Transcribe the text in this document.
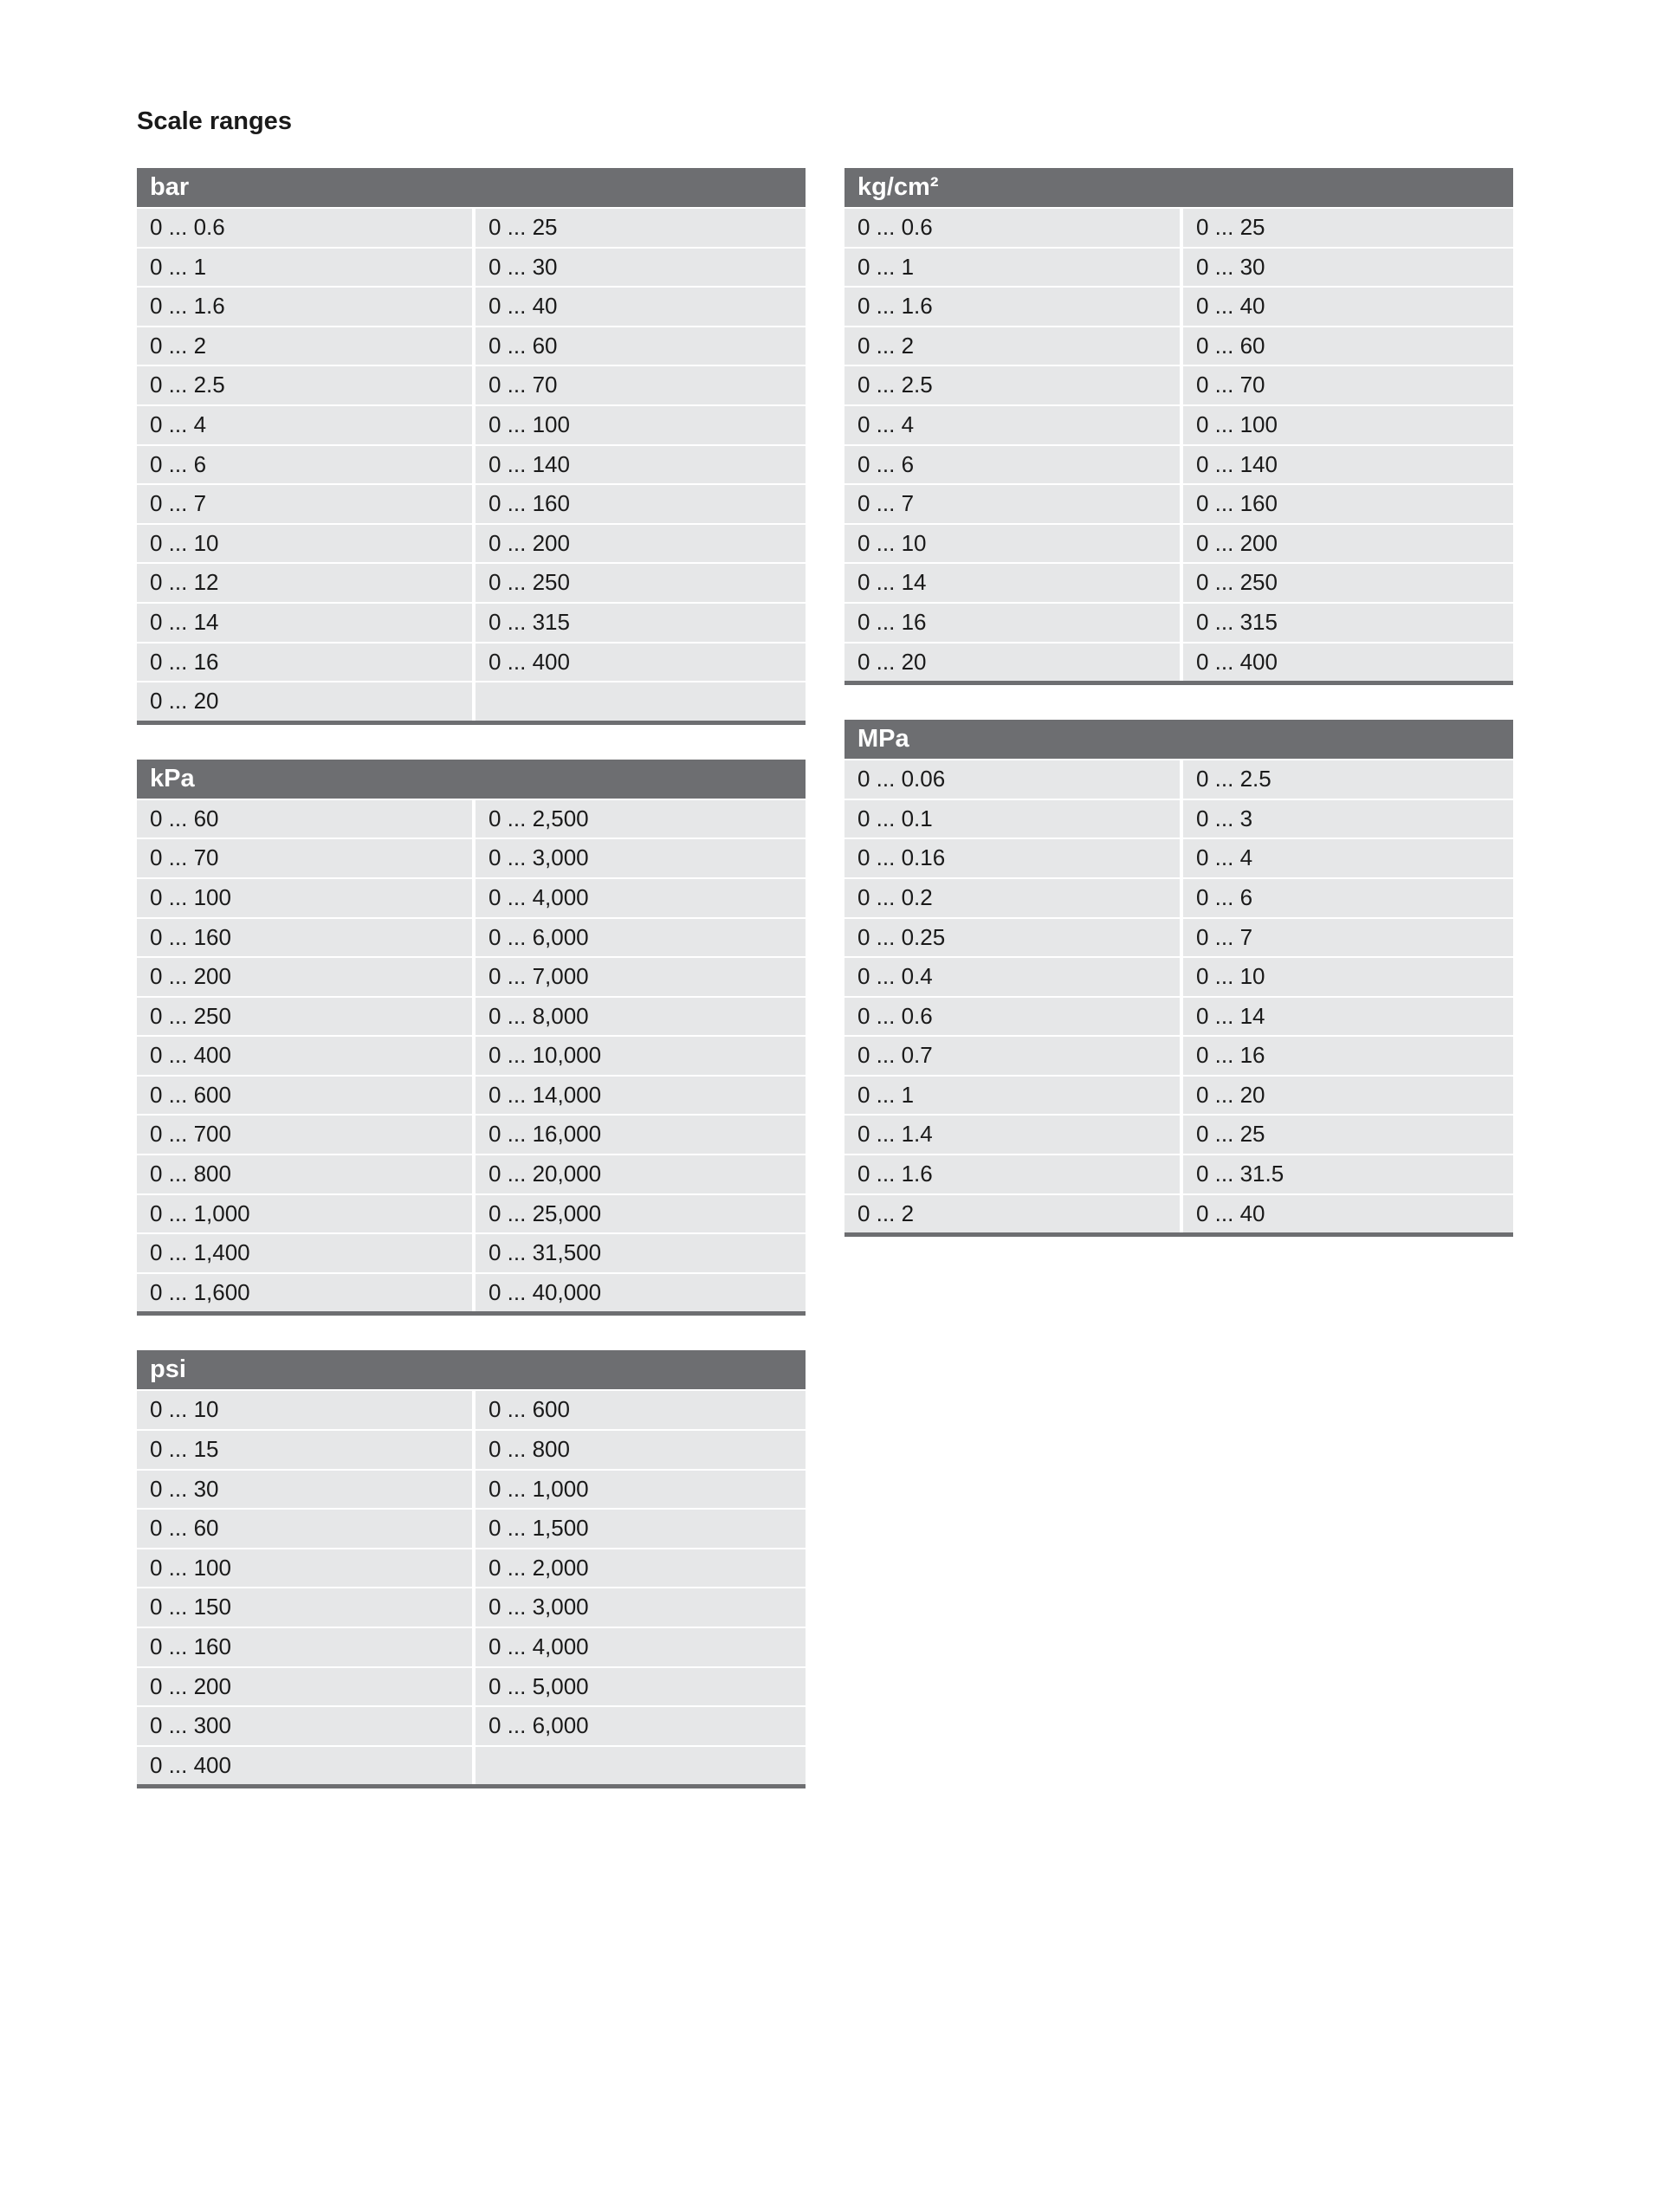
Scale ranges
bar
0 ... 0.6	0 ... 25
0 ... 1	0 ... 30
0 ... 1.6	0 ... 40
0 ... 2	0 ... 60
0 ... 2.5	0 ... 70
0 ... 4	0 ... 100
0 ... 6	0 ... 140
0 ... 7	0 ... 160
0 ... 10	0 ... 200
0 ... 12	0 ... 250
0 ... 14	0 ... 315
0 ... 16	0 ... 400
0 ... 20
kPa
0 ... 60	0 ... 2,500
0 ... 70	0 ... 3,000
0 ... 100	0 ... 4,000
0 ... 160	0 ... 6,000
0 ... 200	0 ... 7,000
0 ... 250	0 ... 8,000
0 ... 400	0 ... 10,000
0 ... 600	0 ... 14,000
0 ... 700	0 ... 16,000
0 ... 800	0 ... 20,000
0 ... 1,000	0 ... 25,000
0 ... 1,400	0 ... 31,500
0 ... 1,600	0 ... 40,000
psi
0 ... 10	0 ... 600
0 ... 15	0 ... 800
0 ... 30	0 ... 1,000
0 ... 60	0 ... 1,500
0 ... 100	0 ... 2,000
0 ... 150	0 ... 3,000
0 ... 160	0 ... 4,000
0 ... 200	0 ... 5,000
0 ... 300	0 ... 6,000
0 ... 400
kg/cm²
0 ... 0.6	0 ... 25
0 ... 1	0 ... 30
0 ... 1.6	0 ... 40
0 ... 2	0 ... 60
0 ... 2.5	0 ... 70
0 ... 4	0 ... 100
0 ... 6	0 ... 140
0 ... 7	0 ... 160
0 ... 10	0 ... 200
0 ... 14	0 ... 250
0 ... 16	0 ... 315
0 ... 20	0 ... 400
MPa
0 ... 0.06	0 ... 2.5
0 ... 0.1	0 ... 3
0 ... 0.16	0 ... 4
0 ... 0.2	0 ... 6
0 ... 0.25	0 ... 7
0 ... 0.4	0 ... 10
0 ... 0.6	0 ... 14
0 ... 0.7	0 ... 16
0 ... 1	0 ... 20
0 ... 1.4	0 ... 25
0 ... 1.6	0 ... 31.5
0 ... 2	0 ... 40
